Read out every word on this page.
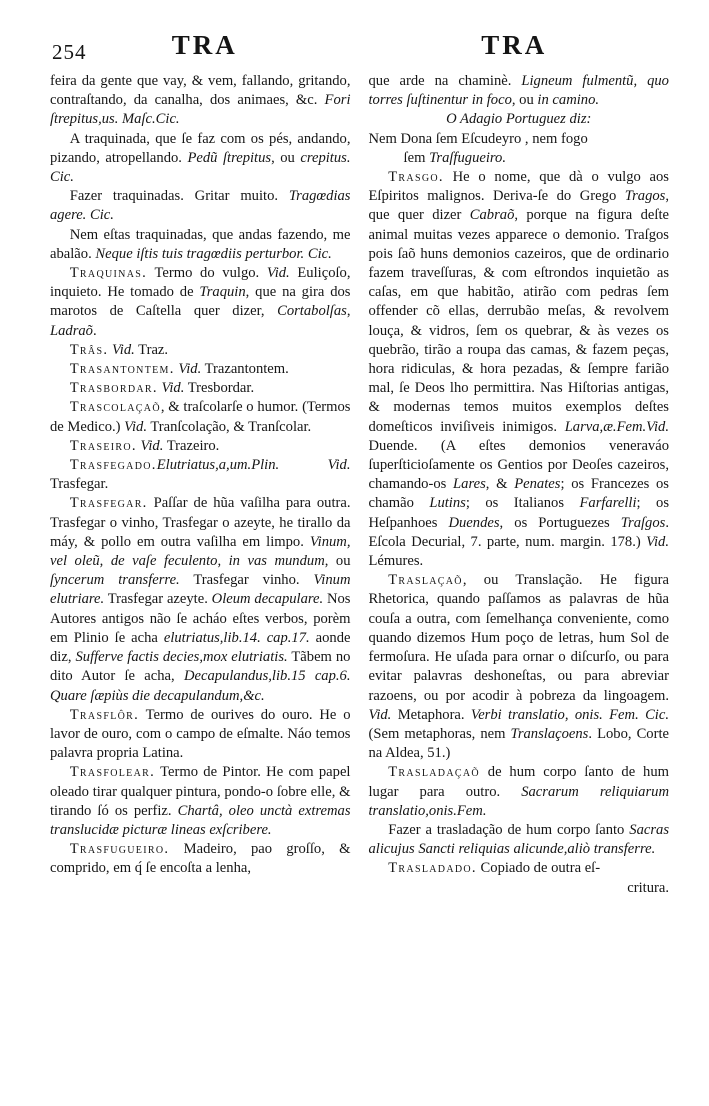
254	TRA	TRA

feira da gente que vay, & vem, fallando, gritando, contraſtando, da canalha, dos animaes, &c. Fori ſtrepitus,us. Maſc.Cic.

A traquinada, que ſe faz com os pés, andando, pizando, atropellando. Pedũ ſtrepitus, ou crepitus. Cic.

Fazer traquinadas. Gritar muito. Tragœdias agere. Cic.

Nem eſtas traquinadas, que andas fazendo, me abalão. Neque iſtis tuis tragœdiis perturbor. Cic.

Traquinas. Termo do vulgo. Vid. Euliçoſo, inquieto. He tomado de Traquin, que na gira dos marotos de Caſtella quer dizer, Cortabolſas, Ladraõ.

Trâs. Vid. Traz.

Trasantontem. Vid. Trazantontem.

Trasbordar. Vid. Tresbordar.

Trascolaçaõ, & traſcolarſe o humor. (Termos de Medico.) Vid. Tranſcolação, & Tranſcolar.

Traseiro. Vid. Trazeiro.

Trasfegado.Elutriatus,a,um.Plin.	Vid. Trasfegar.

Trasfegar. Paſſar de hũa vaſilha para outra. Trasfegar o vinho, Trasfegar o azeyte, he tirallo da máy, & pollo em outra vaſilha em limpo. Vinum, vel oleũ, de vaſe feculento, in vas mundum, ou ſyncerum transferre. Trasfegar vinho. Vinum elutriare. Trasfegar azeyte. Oleum decapulare. Nos Autores antigos não ſe acháo eſtes verbos, porèm em Plinio ſe acha elutriatus,lib.14. cap.17. aonde diz, Sufferve factis decies,mox elutriatis. Tãbem no dito Autor ſe acha, Decapulandus,lib.15 cap.6. Quare ſæpiùs die decapulandum,&c.

Trasflôr. Termo de ourives do ouro. He o lavor de ouro, com o campo de eſmalte. Náo temos palavra propria Latina.

Trasfolear. Termo de Pintor. He com papel oleado tirar qualquer pintura, pondo-o ſobre elle, & tirando ſó os perfiz. Chartâ, oleo unctà extremas translucidæ picturæ lineas exſcribere.

Trasfugueiro. Madeiro, pao groſſo, & comprido, em q́ ſe encoſta a lenha,

que arde na chaminè. Ligneum fulmentũ, quo torres ſuſtinentur in foco, ou in camino.

O Adagio Portuguez diz:

Nem Dona ſem Eſcudeyro , nem fogo

ſem Traſfugueiro.

Trasgo. He o nome, que dà o vulgo aos Eſpiritos malignos. Deriva-ſe do Grego Tragos, que quer dizer Cabraõ, porque na figura deſte animal muitas vezes apparece o demonio. Traſgos pois ſaõ huns demonios cazeiros, que de ordinario fazem traveſſuras, & com eſtrondos inquietão as caſas, em que habitão, atirão com pedras ſem offender cõ ellas, derrubão meſas, & revolvem louça, & vidros, ſem os quebrar, & às vezes os quebrão, tirão a roupa das camas, & fazem peças, hora ridiculas, & hora pezadas, & ſempre farião mal, ſe Deos lho permittira. Nas Hiſtorias antigas, & modernas temos muitos exemplos deſtes domeſticos inviſiveis inimigos. Larva,æ.Fem.Vid. Duende. (A eſtes demonios veneraváo ſuperſticioſamente os Gentios por Deoſes cazeiros, chamando-os Lares, & Penates; os Francezes os chamão Lutins; os Italianos Farfarelli; os Heſpanhoes Duendes, os Portuguezes Traſgos. Eſcola Decurial, 7. parte, num. margin. 178.) Vid. Lémures.

Traslaçaõ, ou Translação. He figura Rhetorica, quando paſſamos as palavras de hũa couſa a outra, com ſemelhança conveniente, como quando dizemos Hum poço de letras, hum Sol de fermoſura. He uſada para ornar o diſcurſo, ou para evitar palavras deshoneſtas, ou para abreviar razoens, ou por acodir à pobreza da lingoagem. Vid. Metaphora. Verbi translatio, onis. Fem. Cic. (Sem metaphoras, nem Translaçoens. Lobo, Corte na Aldea, 51.)

Trasladaçaõ de hum corpo ſanto de hum lugar para outro. Sacrarum reliquiarum translatio,onis.Fem.

Fazer a trasladação de hum corpo ſanto Sacras alicujus Sancti reliquias alicunde,aliò transferre.

Trasladado. Copiado de outra eſ-

critura.
